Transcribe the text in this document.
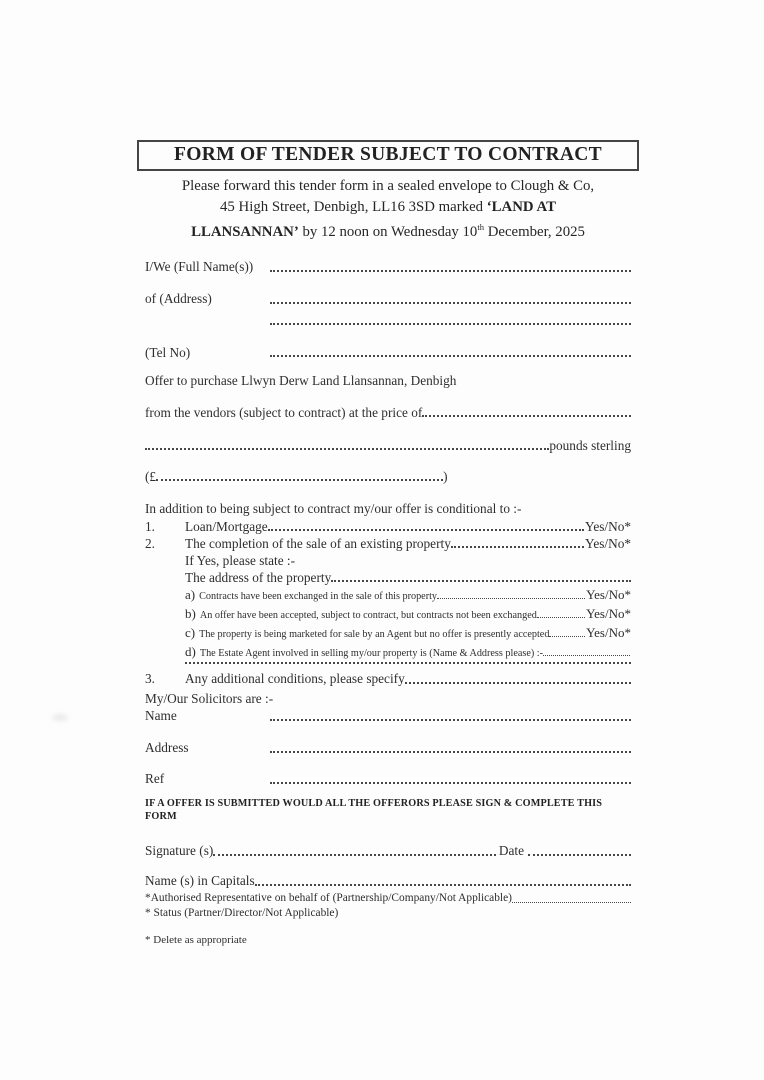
FORM OF TENDER SUBJECT TO CONTRACT
Please forward this tender form in a sealed envelope to Clough & Co,
45 High Street, Denbigh, LL16 3SD marked ‘LAND AT
LLANSANNAN’ by 12 noon on Wednesday 10th December, 2025
I/We (Full Name(s))
of (Address)
(Tel No)
Offer to purchase Llwyn Derw Land Llansannan, Denbigh
from the vendors (subject to contract) at the price of
pounds sterling
(£	)
In addition to being subject to contract my/our offer is conditional to :-
1.	Loan/Mortgage	Yes/No*
2.	The completion of the sale of an existing property	Yes/No*
If Yes, please state :-
The address of the property
a) Contracts have been exchanged in the sale of this property	Yes/No*
b) An offer have been accepted, subject to contract, but contracts not been exchanged	Yes/No*
c) The property is being marketed for sale by an Agent but no offer is presently accepted	Yes/No*
d) The Estate Agent involved in selling my/our property is (Name & Address please) :-
3.	Any additional conditions, please specify
My/Our Solicitors are :-
Name
Address
Ref
IF A OFFER IS SUBMITTED WOULD ALL THE OFFERORS PLEASE SIGN & COMPLETE THIS FORM
Signature (s)	Date
Name (s) in Capitals
*Authorised Representative on behalf of (Partnership/Company/Not Applicable)
* Status (Partner/Director/Not Applicable)
* Delete as appropriate
